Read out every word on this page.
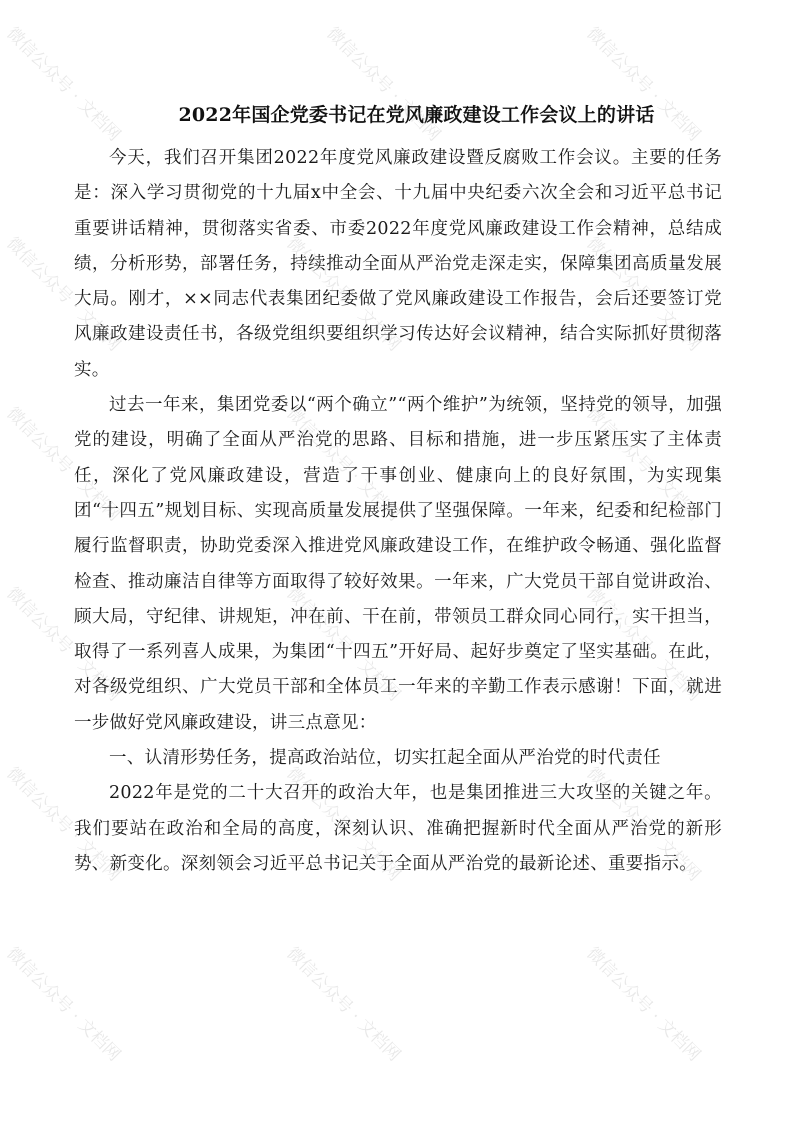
2022年国企党委书记在党风廉政建设工作会议上的讲话

今天，我们召开集团2022年度党风廉政建设暨反腐败工作会议。主要的任务是：深入学习贯彻党的十九届x中全会、十九届中央纪委六次全会和习近平总书记重要讲话精神，贯彻落实省委、市委2022年度党风廉政建设工作会精神，总结成绩，分析形势，部署任务，持续推动全面从严治党走深走实，保障集团高质量发展大局。刚才，××同志代表集团纪委做了党风廉政建设工作报告，会后还要签订党风廉政建设责任书，各级党组织要组织学习传达好会议精神，结合实际抓好贯彻落实。

过去一年来，集团党委以“两个确立”“两个维护”为统领，坚持党的领导，加强党的建设，明确了全面从严治党的思路、目标和措施，进一步压紧压实了主体责任，深化了党风廉政建设，营造了干事创业、健康向上的良好氛围，为实现集团“十四五”规划目标、实现高质量发展提供了坚强保障。一年来，纪委和纪检部门履行监督职责，协助党委深入推进党风廉政建设工作，在维护政令畅通、强化监督检查、推动廉洁自律等方面取得了较好效果。一年来，广大党员干部自觉讲政治、顾大局，守纪律、讲规矩，冲在前、干在前，带领员工群众同心同行，实干担当，取得了一系列喜人成果，为集团“十四五”开好局、起好步奠定了坚实基础。在此，对各级党组织、广大党员干部和全体员工一年来的辛勤工作表示感谢！下面，就进一步做好党风廉政建设，讲三点意见：

一、认清形势任务，提高政治站位，切实扛起全面从严治党的时代责任

2022年是党的二十大召开的政治大年，也是集团推进三大攻坚的关键之年。我们要站在政治和全局的高度，深刻认识、准确把握新时代全面从严治党的新形势、新变化。深刻领会习近平总书记关于全面从严治党的最新论述、重要指示。

微信公众号 · 文档网	微信公众号 · 文档网	微信公众号 · 文档网
微信公众号 · 文档网	微信公众号 · 文档网	微信公众号 · 文档网
微信公众号 · 文档网	微信公众号 · 文档网	微信公众号 · 文档网
微信公众号 · 文档网	微信公众号 · 文档网	微信公众号 · 文档网
微信公众号 · 文档网	微信公众号 · 文档网	微信公众号 · 文档网
微信公众号 · 文档网	微信公众号 · 文档网	微信公众号 · 文档网
